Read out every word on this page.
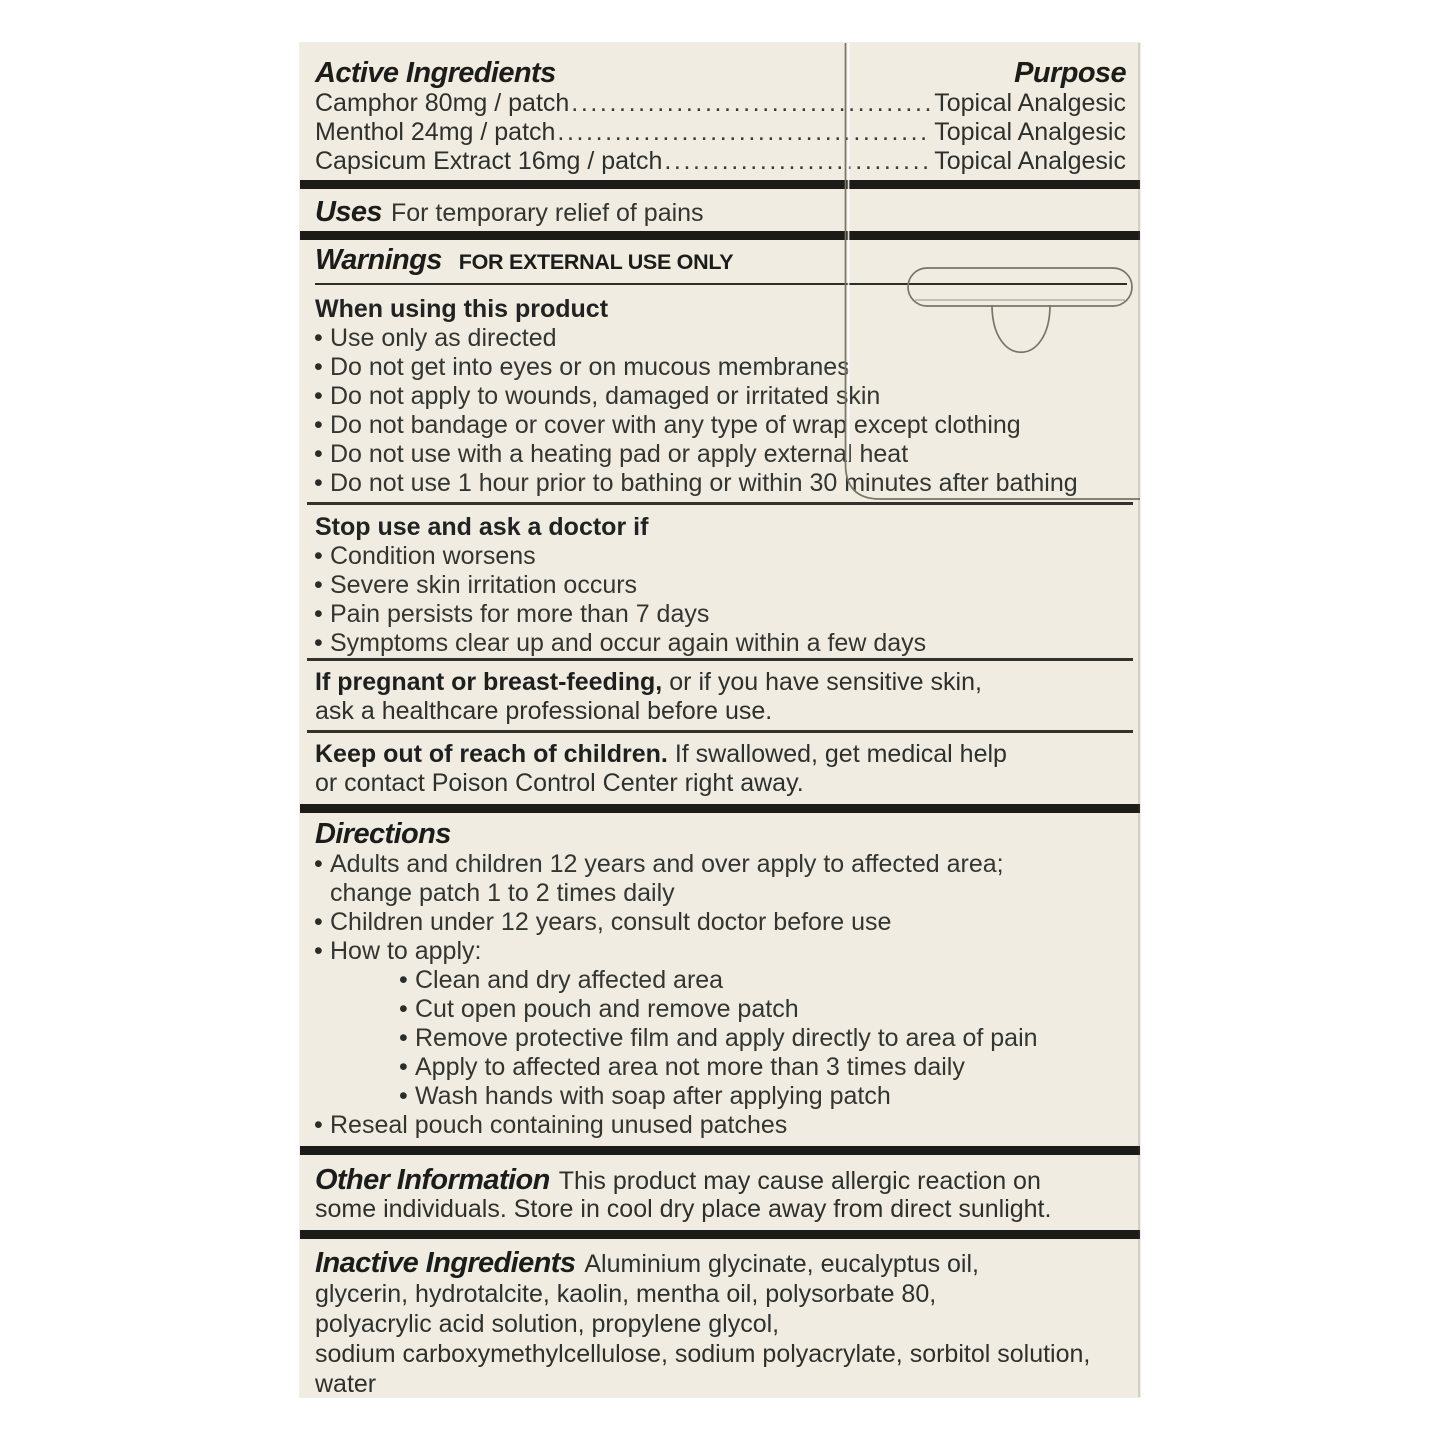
Active Ingredients	Purpose
Camphor 80mg / patch .....	Topical Analgesic
Menthol 24mg / patch .....	Topical Analgesic
Capsicum Extract 16mg / patch .....	Topical Analgesic
Uses For temporary relief of pains
Warnings FOR EXTERNAL USE ONLY
When using this product
• Use only as directed
• Do not get into eyes or on mucous membranes
• Do not apply to wounds, damaged or irritated skin
• Do not bandage or cover with any type of wrap except clothing
• Do not use with a heating pad or apply external heat
• Do not use 1 hour prior to bathing or within 30 minutes after bathing
Stop use and ask a doctor if
• Condition worsens
• Severe skin irritation occurs
• Pain persists for more than 7 days
• Symptoms clear up and occur again within a few days
If pregnant or breast-feeding, or if you have sensitive skin,
ask a healthcare professional before use.
Keep out of reach of children. If swallowed, get medical help
or contact Poison Control Center right away.
Directions
• Adults and children 12 years and over apply to affected area;
change patch 1 to 2 times daily
• Children under 12 years, consult doctor before use
• How to apply:
• Clean and dry affected area
• Cut open pouch and remove patch
• Remove protective film and apply directly to area of pain
• Apply to affected area not more than 3 times daily
• Wash hands with soap after applying patch
• Reseal pouch containing unused patches
Other Information This product may cause allergic reaction on
some individuals. Store in cool dry place away from direct sunlight.
Inactive Ingredients Aluminium glycinate, eucalyptus oil,
glycerin, hydrotalcite, kaolin, mentha oil, polysorbate 80,
polyacrylic acid solution, propylene glycol,
sodium carboxymethylcellulose, sodium polyacrylate, sorbitol solution,
water
